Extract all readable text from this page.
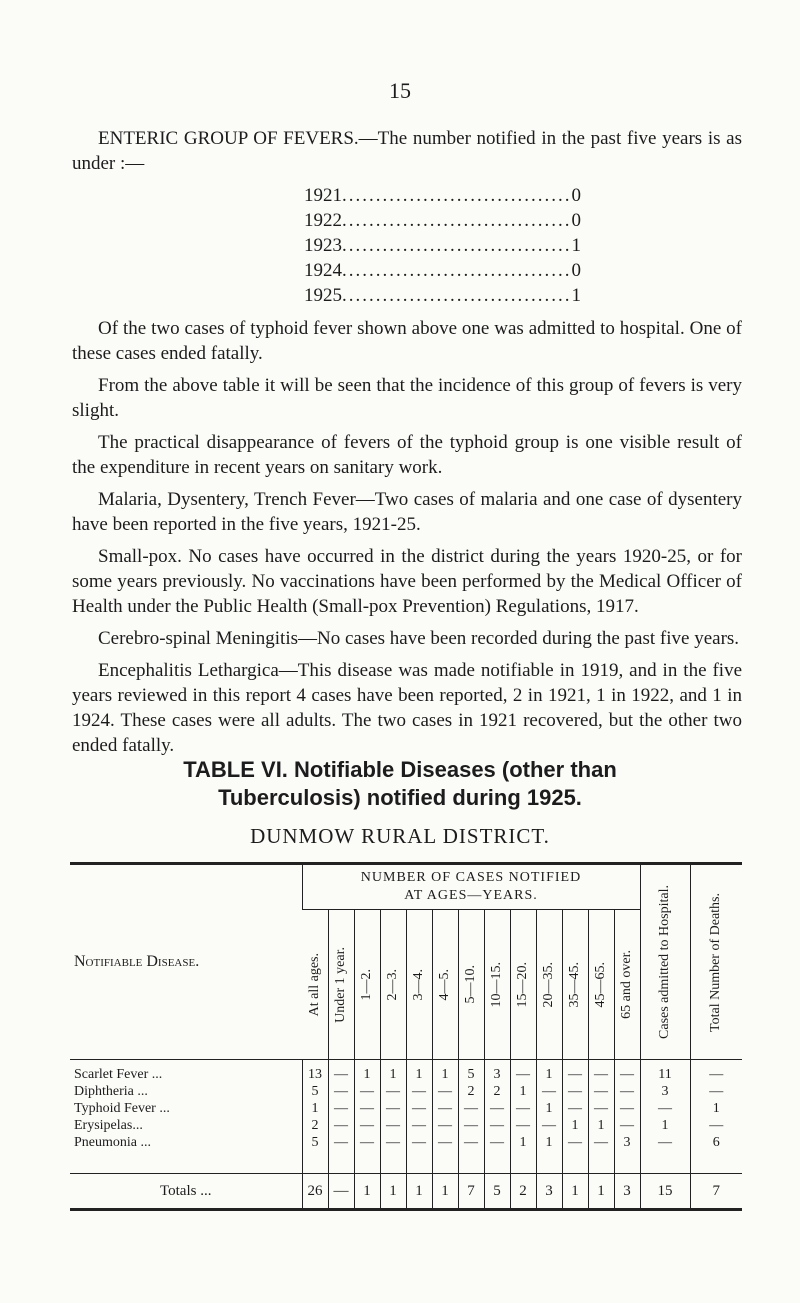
15

ENTERIC GROUP OF FEVERS.—The number notified in the past five years is as under :—

1921 .................................. 0
1922 .................................. 0
1923 .................................. 1
1924 .................................. 0
1925 .................................. 1

Of the two cases of typhoid fever shown above one was admitted to hospital. One of these cases ended fatally.

From the above table it will be seen that the incidence of this group of fevers is very slight.

The practical disappearance of fevers of the typhoid group is one visible result of the expenditure in recent years on sanitary work.

Malaria, Dysentery, Trench Fever—Two cases of malaria and one case of dysentery have been reported in the five years, 1921-25.

Small-pox. No cases have occurred in the district during the years 1920-25, or for some years previously. No vaccinations have been performed by the Medical Officer of Health under the Public Health (Small-pox Prevention) Regulations, 1917.

Cerebro-spinal Meningitis—No cases have been recorded during the past five years.

Encephalitis Lethargica—This disease was made notifiable in 1919, and in the five years reviewed in this report 4 cases have been reported, 2 in 1921, 1 in 1922, and 1 in 1924. These cases were all adults. The two cases in 1921 recovered, but the other two ended fatally.

TABLE VI. Notifiable Diseases (other than
Tuberculosis) notified during 1925.
DUNMOW RURAL DISTRICT.
Notifiable Disease.	NUMBER OF CASES NOTIFIED
AT AGES—YEARS.													Cases admitted to Hospital.	Total Number of Deaths.

	At all ages.	Under 1 year.	1—2.	2—3.	3—4.	4—5.	5—10.	10—15.	15—20.	20—35.	35—45.	45—65.	65 and over.		

Scarlet Fever ...	13	—	1	1	1	1	5	3	—	1	—	—	—	11	—
Diphtheria ...	5	—	—	—	—	—	2	2	1	—	—	—	—	3	—
Typhoid Fever ...	1	—	—	—	—	—	—	—	—	1	—	—	—	—	1
Erysipelas...	2	—	—	—	—	—	—	—	—	—	1	1	—	1	—
Pneumonia ...	5	—	—	—	—	—	—	—	1	1	—	—	3	—	6

Totals ...	26	—	1	1	1	1	7	5	2	3	1	1	3	15	7
